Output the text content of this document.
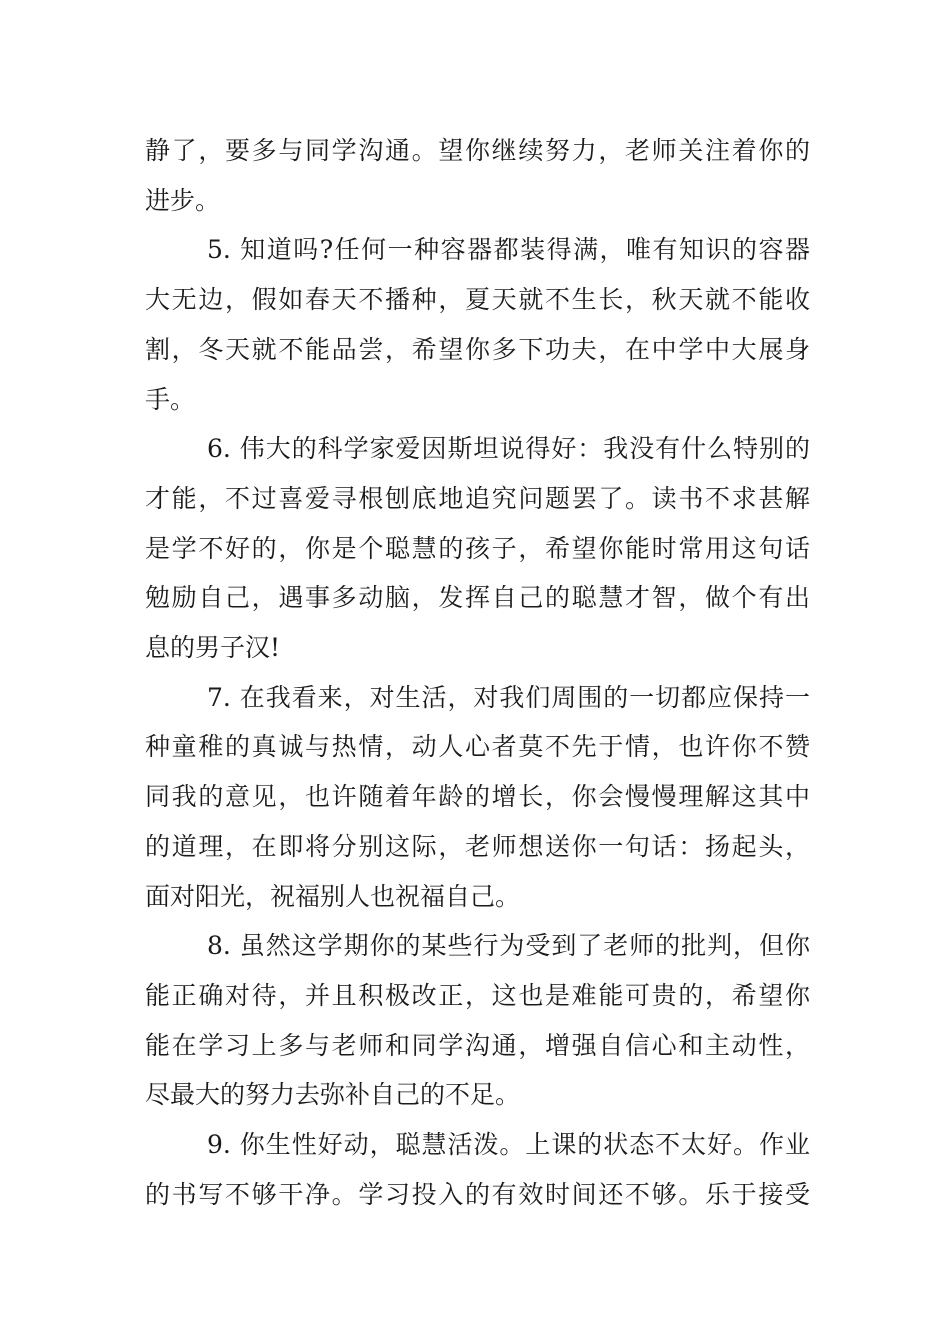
静了，要多与同学沟通。望你继续努力，老师关注着你的
进步。
5. 知道吗?任何一种容器都装得满，唯有知识的容器
大无边，假如春天不播种，夏天就不生长，秋天就不能收
割，冬天就不能品尝，希望你多下功夫，在中学中大展身
手。
6. 伟大的科学家爱因斯坦说得好：我没有什么特别的
才能，不过喜爱寻根刨底地追究问题罢了。读书不求甚解
是学不好的，你是个聪慧的孩子，希望你能时常用这句话
勉励自己，遇事多动脑，发挥自己的聪慧才智，做个有出
息的男子汉!
7. 在我看来，对生活，对我们周围的一切都应保持一
种童稚的真诚与热情，动人心者莫不先于情，也许你不赞
同我的意见，也许随着年龄的增长，你会慢慢理解这其中
的道理，在即将分别这际，老师想送你一句话：扬起头，
面对阳光，祝福别人也祝福自己。
8. 虽然这学期你的某些行为受到了老师的批判，但你
能正确对待，并且积极改正，这也是难能可贵的，希望你
能在学习上多与老师和同学沟通，增强自信心和主动性，
尽最大的努力去弥补自己的不足。
9. 你生性好动，聪慧活泼。上课的状态不太好。作业
的书写不够干净。学习投入的有效时间还不够。乐于接受
